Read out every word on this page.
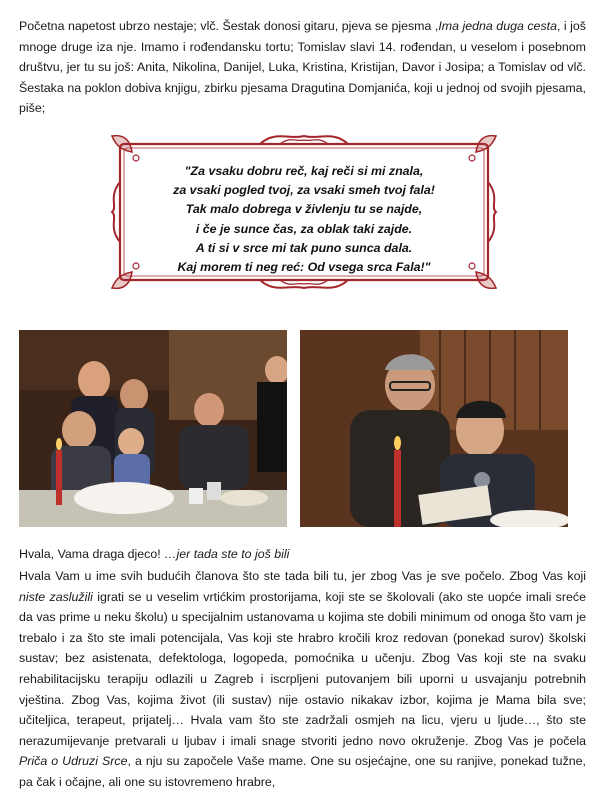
Početna napetost ubrzo nestaje; vlč. Šestak donosi gitaru, pjeva se pjesma ,Ima jedna duga cesta, i još mnoge druge iza nje. Imamo i rođendansku tortu; Tomislav slavi 14. rođendan, u veselom i posebnom društvu, jer tu su još: Anita, Nikolina, Danijel, Luka, Kristina, Kristijan, Davor i Josipa; a Tomislav od vlč. Šestaka na poklon dobiva knjigu, zbirku pjesama Dragutina Domjanića, koji u jednoj od svojih pjesama, piše;
"Za vsaku dobru reč, kaj reči si mi znala,
za vsaki pogled tvoj, za vsaki smeh tvoj fala!
Tak malo dobrega v živlenju tu se najde,
i če je sunce čas, za oblak taki zajde.
A ti si v srce mi tak puno sunca dala.
Kaj morem ti neg reć: Od vsega srca Fala!"
Hvala, Vama draga djeco! …jer tada ste to još bili
Hvala Vam u ime svih budućih članova što ste tada bili tu, jer zbog Vas je sve počelo. Zbog Vas koji niste zaslužili igrati se u veselim vrtićkim prostorijama, koji ste se školovali (ako ste uopće imali sreće da vas prime u neku školu) u specijalnim ustanovama u kojima ste dobili minimum od onoga što vam je trebalo i za što ste imali potencijala, Vas koji ste hrabro kročili kroz redovan (ponekad surov) školski sustav; bez asistenata, defektologa, logopeda, pomoćnika u učenju. Zbog Vas koji ste na svaku rehabilitacijsku terapiju odlazili u Zagreb i iscrpljeni putovanjem bili uporni u usvajanju potrebnih vještina. Zbog Vas, kojima život (ili sustav) nije ostavio nikakav izbor, kojima je Mama bila sve; učiteljica, terapeut, prijatelj… Hvala vam što ste zadržali osmjeh na licu, vjeru u ljude…, što ste nerazumijevanje pretvarali u ljubav i imali snage stvoriti jedno novo okruženje. Zbog Vas je počela Priča o Udruzi Srce, a nju su započele Vaše mame. One su osjećajne, one su ranjive, ponekad tužne, pa čak i očajne, ali one su istovremeno hrabre,
